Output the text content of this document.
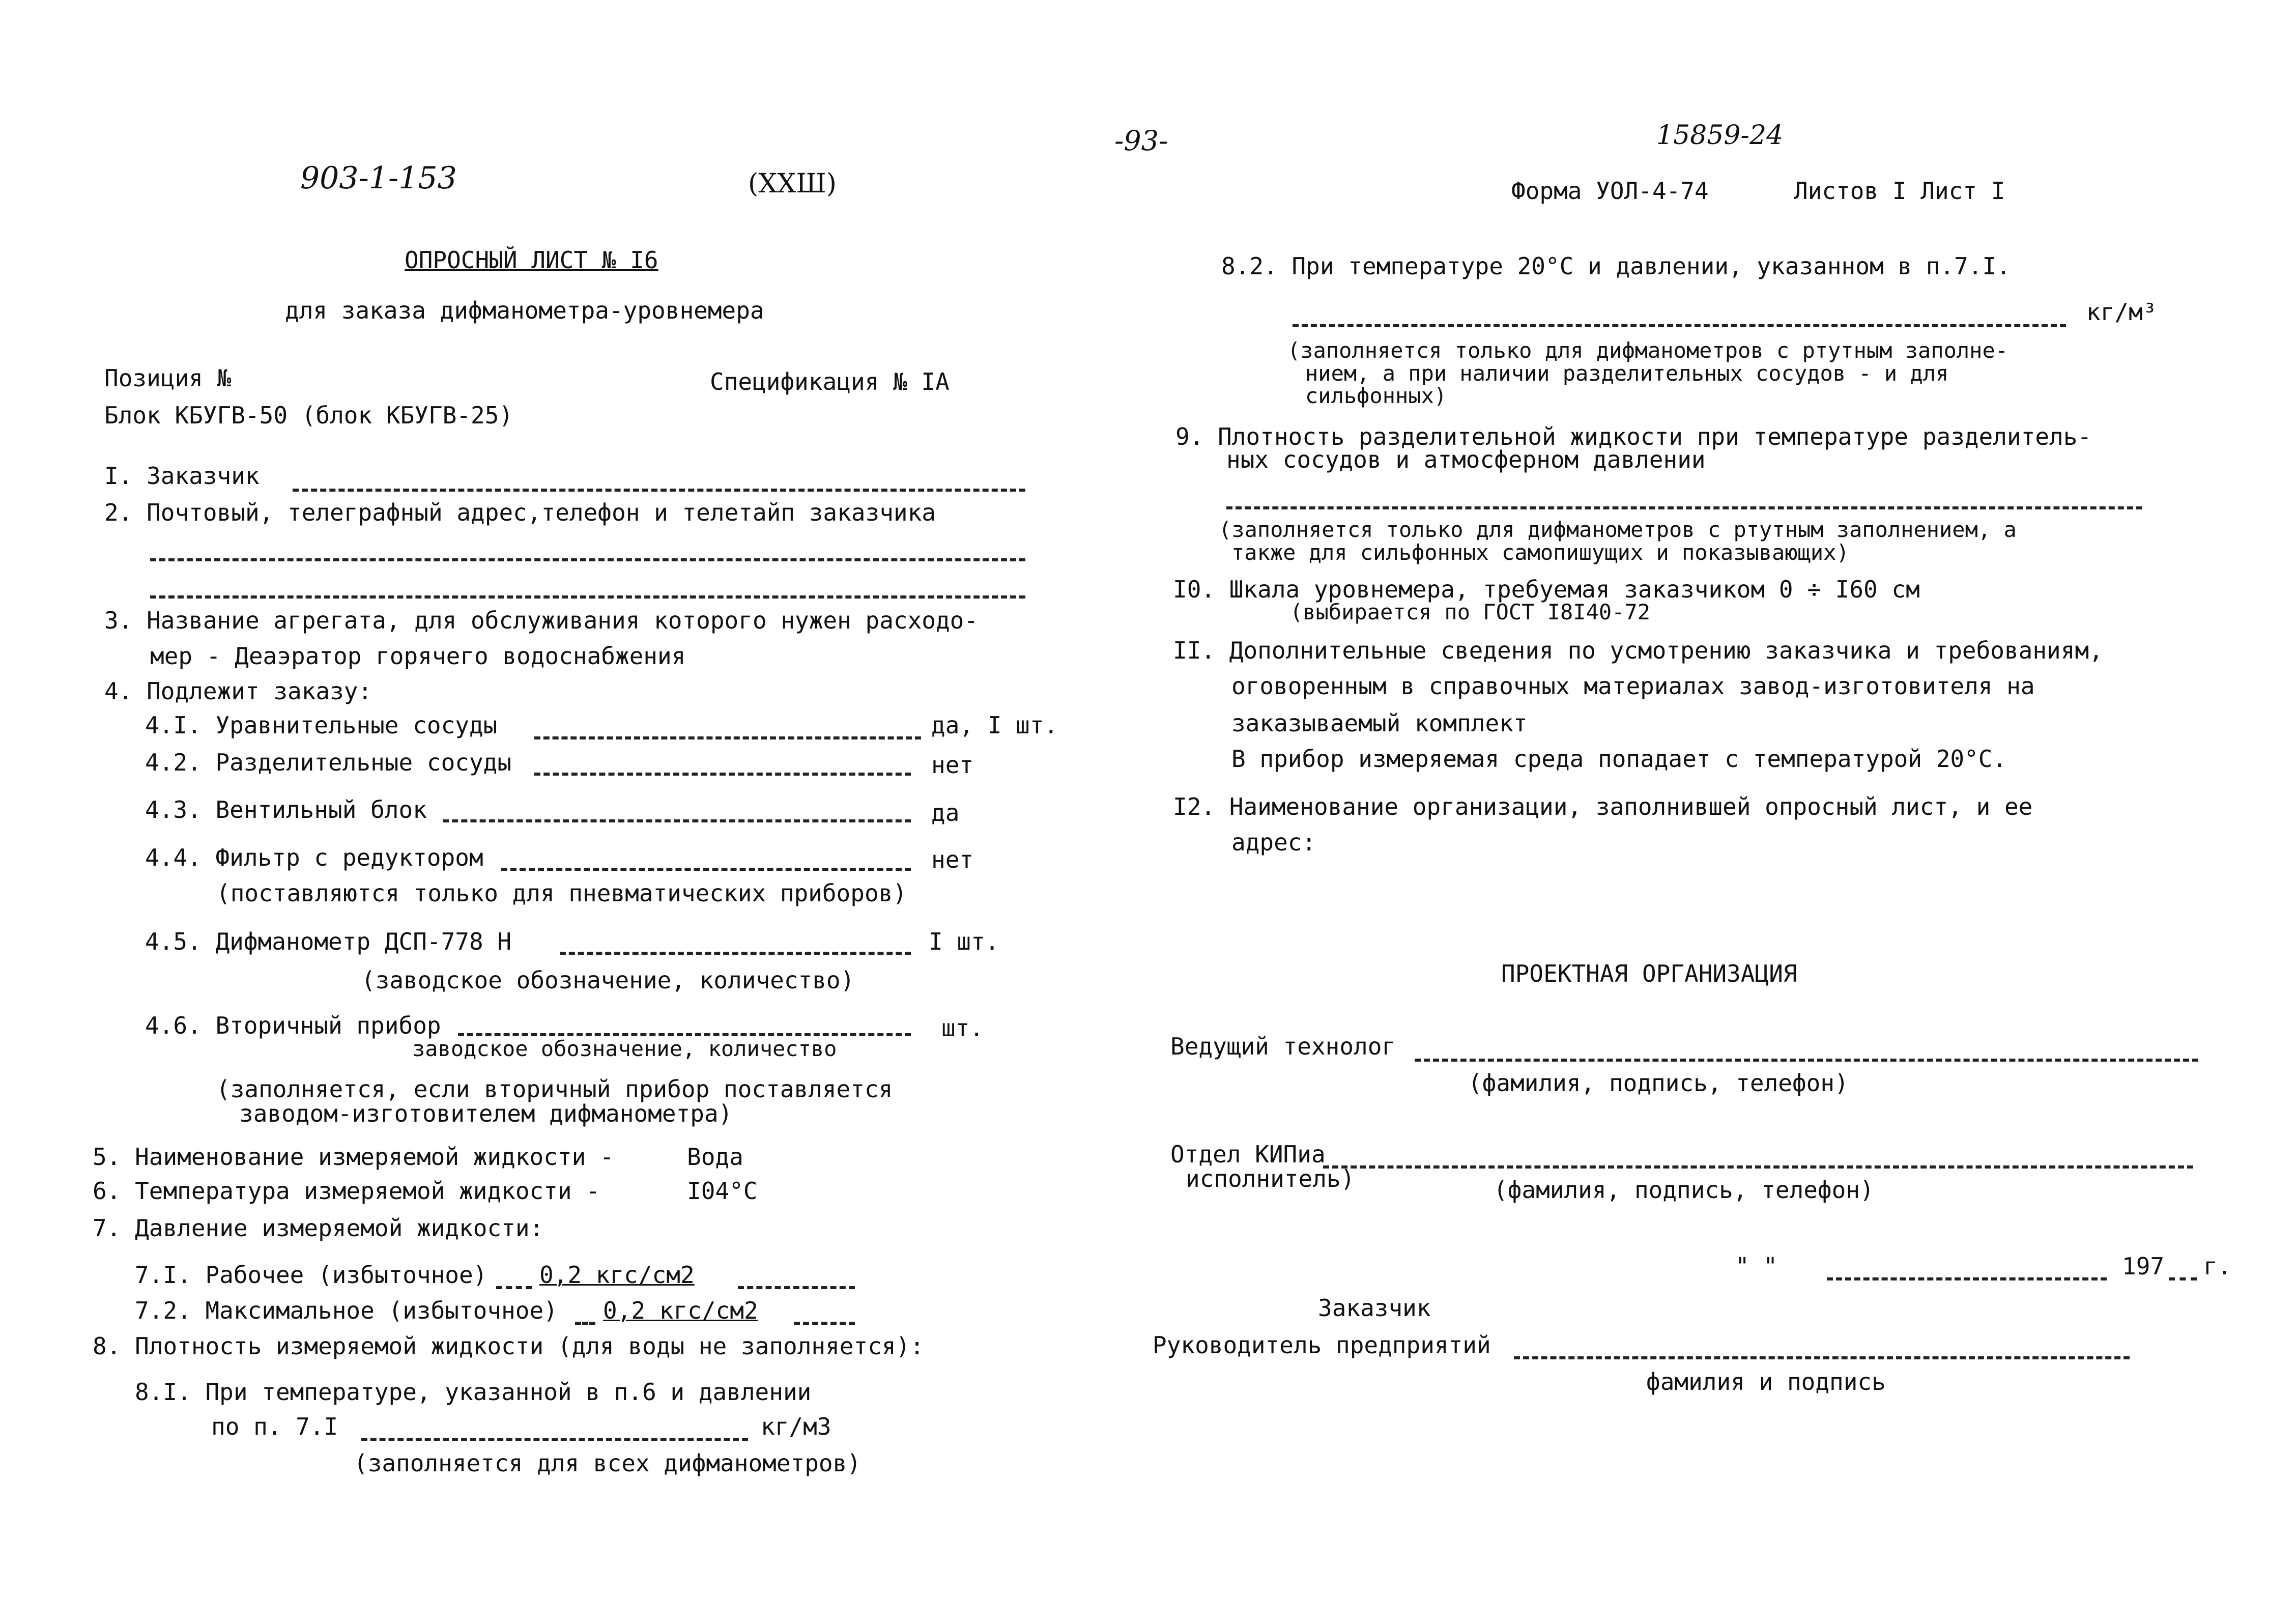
903-1-153	(XXШ)
-93-	15859-24
Форма УОЛ-4-74	Листов I Лист I
ОПРОСНЫЙ ЛИСТ № I6
для заказа дифманометра-уровнемера
Позиция №	Спецификация № IA
Блок КБУГВ-50 (блок КБУГВ-25)
I. Заказчик
2. Почтовый, телеграфный адрес,телефон и телетайп заказчика
3. Название агрегата, для обслуживания которого нужен расходо-
мер - Деаэратор горячего водоснабжения
4. Подлежит заказу:
4.I. Уравнительные сосуды	да, I шт.
4.2. Разделительные сосуды	нет
4.3. Вентильный блок	да
4.4. Фильтр с редуктором	нет
(поставляются только для пневматических приборов)
4.5. Дифманометр ДСП-778 Н	I шт.
(заводское обозначение, количество)
4.6. Вторичный прибор	шт.
заводское обозначение, количество
(заполняется, если вторичный прибор поставляется
заводом-изготовителем дифманометра)
5. Наименование измеряемой жидкости -	Вода
6. Температура измеряемой жидкости -	I04°C
7. Давление измеряемой жидкости:
7.I. Рабочее (избыточное) 0,2 кгс/см2
7.2. Максимальное (избыточное) 0,2 кгс/см2
8. Плотность измеряемой жидкости (для воды не заполняется):
8.I. При температуре, указанной в п.6 и давлении
по п. 7.I	кг/м3
(заполняется для всех дифманометров)
8.2. При температуре 20°C и давлении, указанном в п.7.I.
кг/м³
(заполняется только для дифманометров с ртутным заполне-
нием, а при наличии разделительных сосудов - и для
сильфонных)
9. Плотность разделительной жидкости при температуре разделитель-
ных сосудов и атмосферном давлении
(заполняется только для дифманометров с ртутным заполнением, а
также для сильфонных самопишущих и показывающих)
I0. Шкала уровнемера, требуемая заказчиком 0 ÷ I60 см
(выбирается по ГОСТ I8I40-72
II. Дополнительные сведения по усмотрению заказчика и требованиям,
оговоренным в справочных материалах завод-изготовителя на
заказываемый комплект
В прибор измеряемая среда попадает с температурой 20°С.
I2. Наименование организации, заполнившей опросный лист, и ее
адрес:
ПРОЕКТНАЯ ОРГАНИЗАЦИЯ
Ведущий технолог
(фамилия, подпись, телефон)
Отдел КИПиа
исполнитель)	(фамилия, подпись, телефон)
" "	197 г.
Заказчик
Руководитель предприятий
фамилия и подпись
